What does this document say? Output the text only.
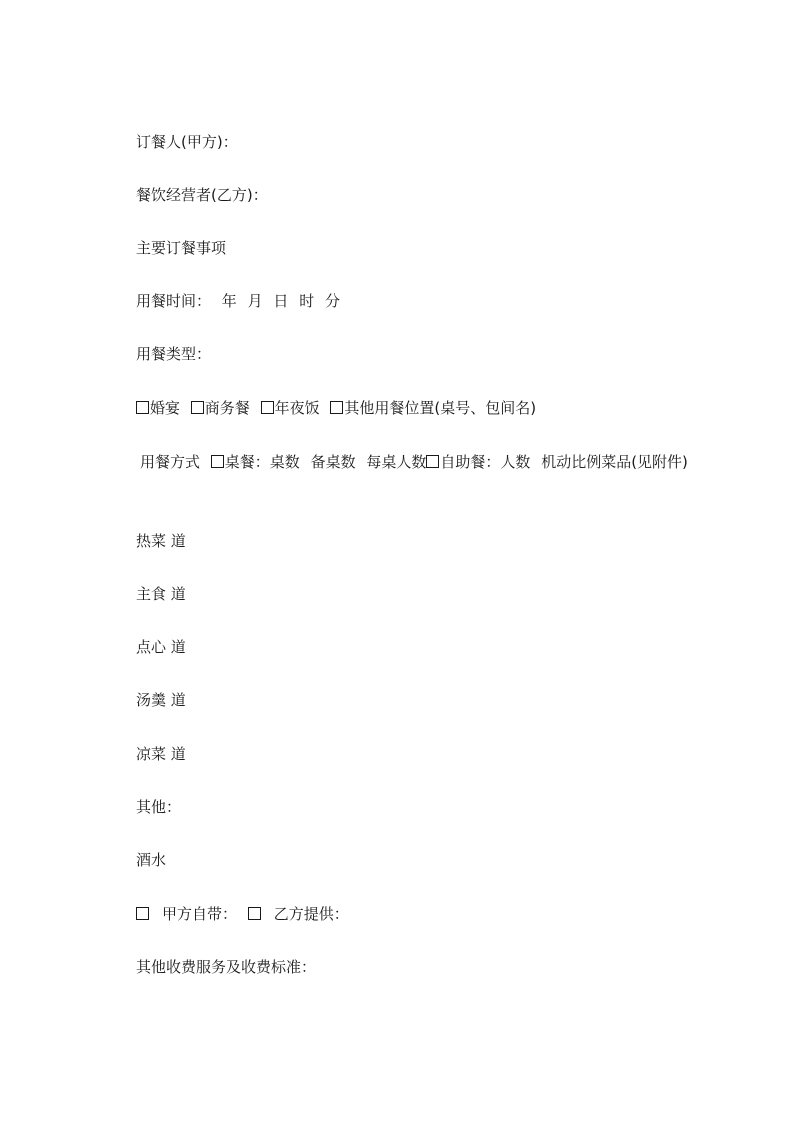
订餐人(甲方)：
餐饮经营者(乙方)：
主要订餐事项
用餐时间： 年 月 日 时 分
用餐类型：
婚宴 商务餐 年夜饭 其他用餐位置(桌号、包间名)
用餐方式 桌餐：桌数 备桌数 每桌人数 自助餐：人数 机动比例菜品(见附件)
热菜 道
主食 道
点心 道
汤羹 道
凉菜 道
其他：
酒水
甲方自带： 乙方提供：
其他收费服务及收费标准：
